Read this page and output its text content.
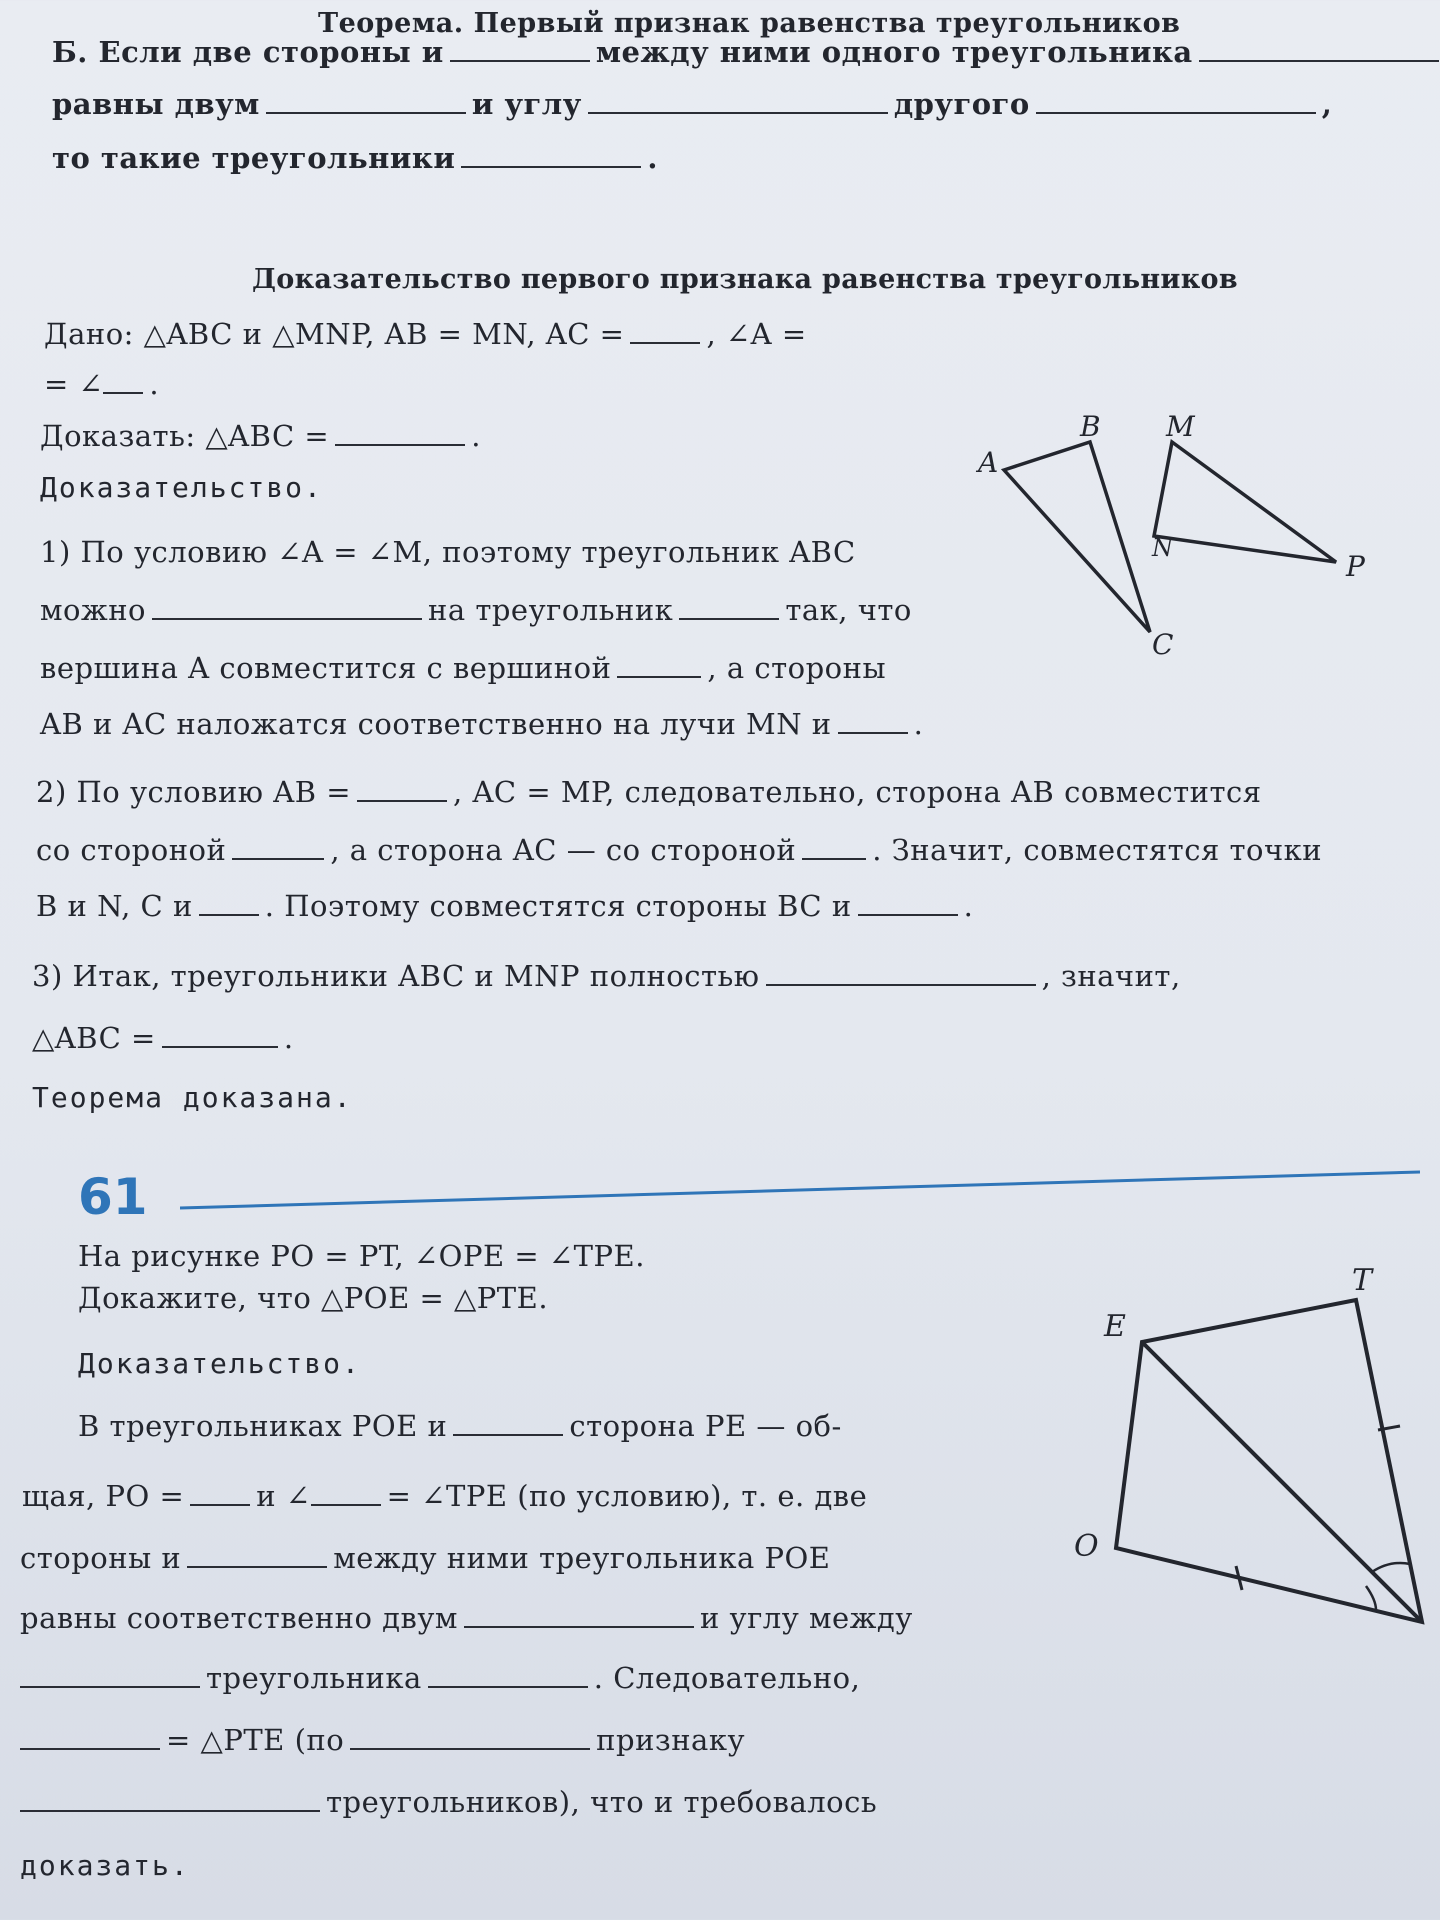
Теорема. Первый признак равенства треугольников
Б. Если две стороны и	между ними одного треугольника
равны двум	и углу	другого	,
то такие треугольники	.
Доказательство первого признака равенства треугольников
Дано: △ABC и △MNP, AB = MN, AC =	, ∠A =
= ∠ .
Доказать: △ABC =	.
Доказательство.
1) По условию ∠A = ∠M, поэтому треугольник ABC
можно	на треугольник	так, что
вершина A совместится с вершиной	, а стороны
AB и AC наложатся соответственно на лучи MN и	.
2) По условию AB =	, AC = MP, следовательно, сторона AB совместится
со стороной	, а сторона AC — со стороной	. Значит, совместятся точки
B и N, C и . Поэтому совместятся стороны BC и	.
3) Итак, треугольники ABC и MNP полностью	, значит,
△ABC =	.
Теорема доказана.
A
B
C
M
N
P
61
На рисунке PO = PT, ∠OPE = ∠TPE.
Докажите, что △POE = △PTE.
Доказательство.
В треугольниках POE и	сторона PE — об-
щая, PO = и ∠	= ∠TPE (по условию), т. е. две
стороны и	между ними треугольника POE
равны соответственно двум	и углу между
треугольника	. Следовательно,
= △PTE (по	признаку
треугольников), что и требовалось
доказать.
T
E
O
